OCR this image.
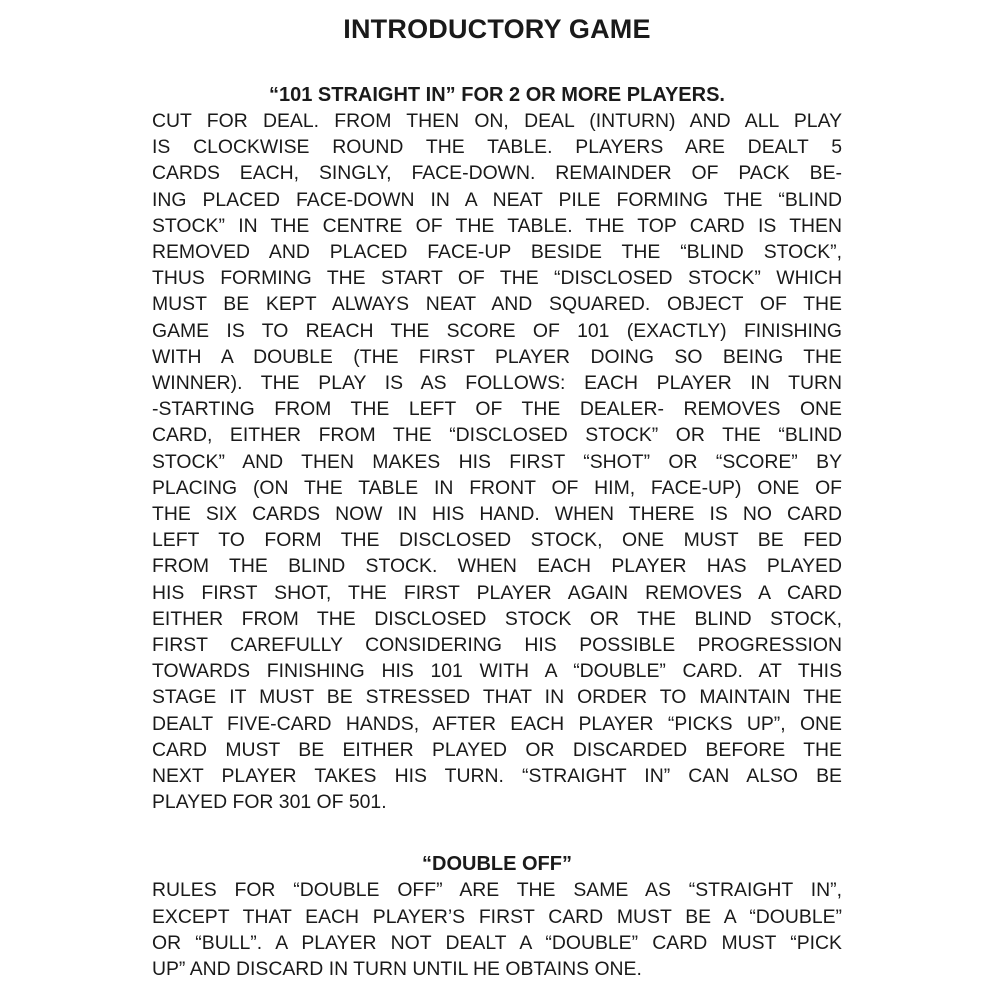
INTRODUCTORY GAME
“101 STRAIGHT IN” FOR 2 OR MORE PLAYERS.
CUT FOR DEAL. FROM THEN ON, DEAL (INTURN) AND ALL PLAY
IS CLOCKWISE ROUND THE TABLE. PLAYERS ARE DEALT 5
CARDS EACH, SINGLY, FACE-DOWN. REMAINDER OF PACK BE-
ING PLACED FACE-DOWN IN A NEAT PILE FORMING THE “BLIND
STOCK” IN THE CENTRE OF THE TABLE. THE TOP CARD IS THEN
REMOVED AND PLACED FACE-UP BESIDE THE “BLIND STOCK”,
THUS FORMING THE START OF THE “DISCLOSED STOCK” WHICH
MUST BE KEPT ALWAYS NEAT AND SQUARED. OBJECT OF THE
GAME IS TO REACH THE SCORE OF 101 (EXACTLY) FINISHING
WITH A DOUBLE (THE FIRST PLAYER DOING SO BEING THE
WINNER). THE PLAY IS AS FOLLOWS: EACH PLAYER IN TURN
-STARTING FROM THE LEFT OF THE DEALER- REMOVES ONE
CARD, EITHER FROM THE “DISCLOSED STOCK” OR THE “BLIND
STOCK” AND THEN MAKES HIS FIRST “SHOT” OR “SCORE” BY
PLACING (ON THE TABLE IN FRONT OF HIM, FACE-UP) ONE OF
THE SIX CARDS NOW IN HIS HAND. WHEN THERE IS NO CARD
LEFT TO FORM THE DISCLOSED STOCK, ONE MUST BE FED
FROM THE BLIND STOCK. WHEN EACH PLAYER HAS PLAYED
HIS FIRST SHOT, THE FIRST PLAYER AGAIN REMOVES A CARD
EITHER FROM THE DISCLOSED STOCK OR THE BLIND STOCK,
FIRST CAREFULLY CONSIDERING HIS POSSIBLE PROGRESSION
TOWARDS FINISHING HIS 101 WITH A “DOUBLE” CARD. AT THIS
STAGE IT MUST BE STRESSED THAT IN ORDER TO MAINTAIN THE
DEALT FIVE-CARD HANDS, AFTER EACH PLAYER “PICKS UP”, ONE
CARD MUST BE EITHER PLAYED OR DISCARDED BEFORE THE
NEXT PLAYER TAKES HIS TURN. “STRAIGHT IN” CAN ALSO BE
PLAYED FOR 301 OF 501.
“DOUBLE OFF”
RULES FOR “DOUBLE OFF” ARE THE SAME AS “STRAIGHT IN”,
EXCEPT THAT EACH PLAYER’S FIRST CARD MUST BE A “DOUBLE”
OR “BULL”. A PLAYER NOT DEALT A “DOUBLE” CARD MUST “PICK
UP” AND DISCARD IN TURN UNTIL HE OBTAINS ONE.
